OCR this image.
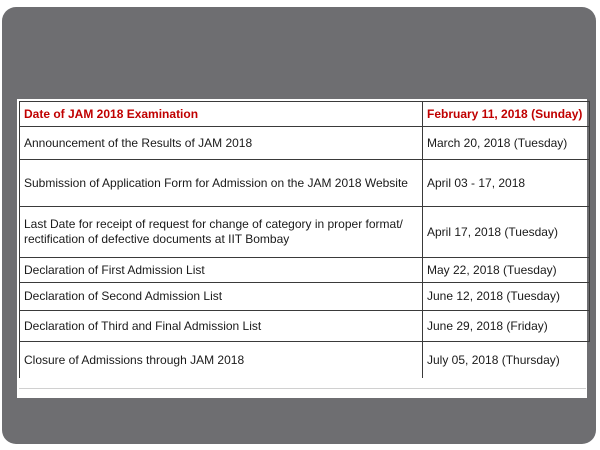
Date of JAM 2018 Examination	February 11, 2018 (Sunday)
Announcement of the Results of JAM 2018	March 20, 2018 (Tuesday)
Submission of Application Form for Admission on the JAM 2018 Website	April 03 - 17, 2018
Last Date for receipt of request for change of category in proper format/
rectification of defective documents at IIT Bombay	April 17, 2018 (Tuesday)
Declaration of First Admission List	May 22, 2018 (Tuesday)
Declaration of Second Admission List	June 12, 2018 (Tuesday)
Declaration of Third and Final Admission List	June 29, 2018 (Friday)
Closure of Admissions through JAM 2018	July 05, 2018 (Thursday)
